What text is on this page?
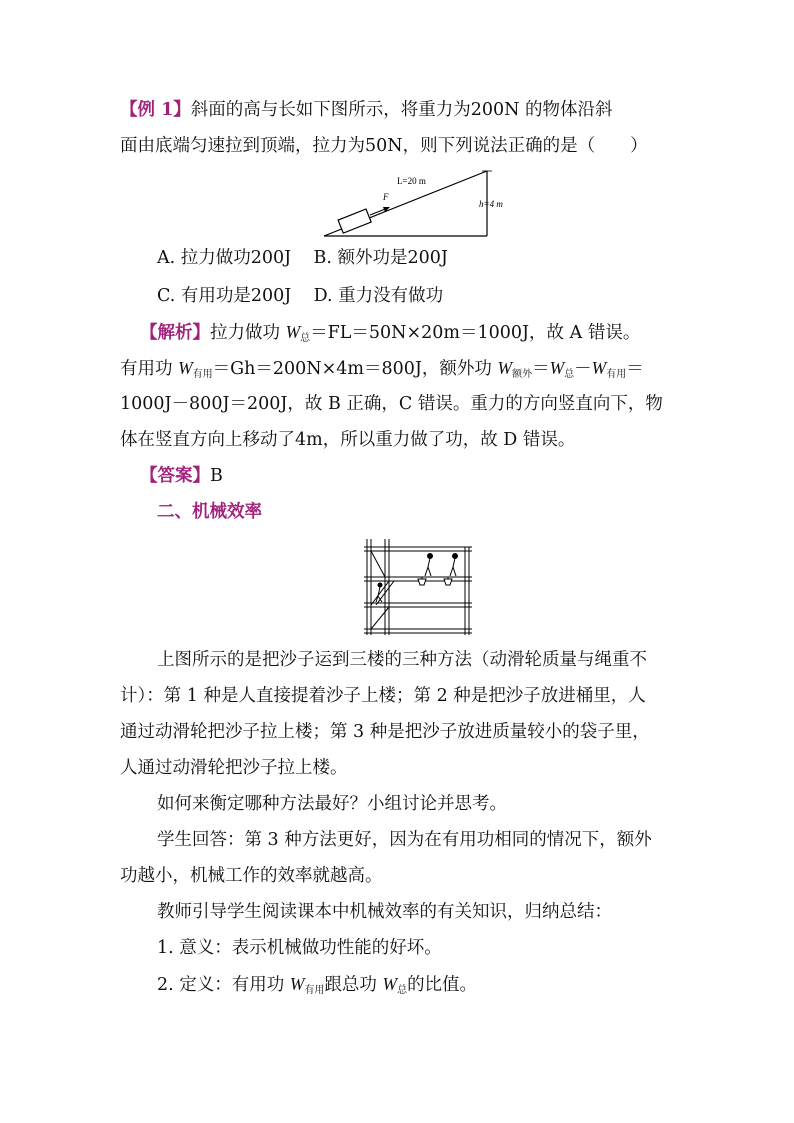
【例 1】斜面的高与长如下图所示，将重力为200N 的物体沿斜
面由底端匀速拉到顶端，拉力为50N，则下列说法正确的是（　　）
F
L=20 m
h=4 m
A. 拉力做功200J B. 额外功是200J
C. 有用功是200J D. 重力没有做功
【解析】拉力做功 $W_总=FL=50N\times 20m=1000J$，故 A 错误。
有用功 $W_{有用}=Gh=200N\times 4m=800J$，额外功 $W_{额外}=W_总-W_{有用}=$
1000J－800J＝200J，故 B 正确，C 错误。重力的方向竖直向下，物
体在竖直方向上移动了4m，所以重力做了功，故 D 错误。
【答案】B
二、机械效率
上图所示的是把沙子运到三楼的三种方法（动滑轮质量与绳重不
计）：第 1 种是人直接提着沙子上楼；第 2 种是把沙子放进桶里，人
通过动滑轮把沙子拉上楼；第 3 种是把沙子放进质量较小的袋子里，
人通过动滑轮把沙子拉上楼。
如何来衡定哪种方法最好？小组讨论并思考。
学生回答：第 3 种方法更好，因为在有用功相同的情况下，额外
功越小，机械工作的效率就越高。
教师引导学生阅读课本中机械效率的有关知识，归纳总结：
1. 意义：表示机械做功性能的好坏。
2. 定义：有用功 $W_{有用}$跟总功 $W_总$的比值。
